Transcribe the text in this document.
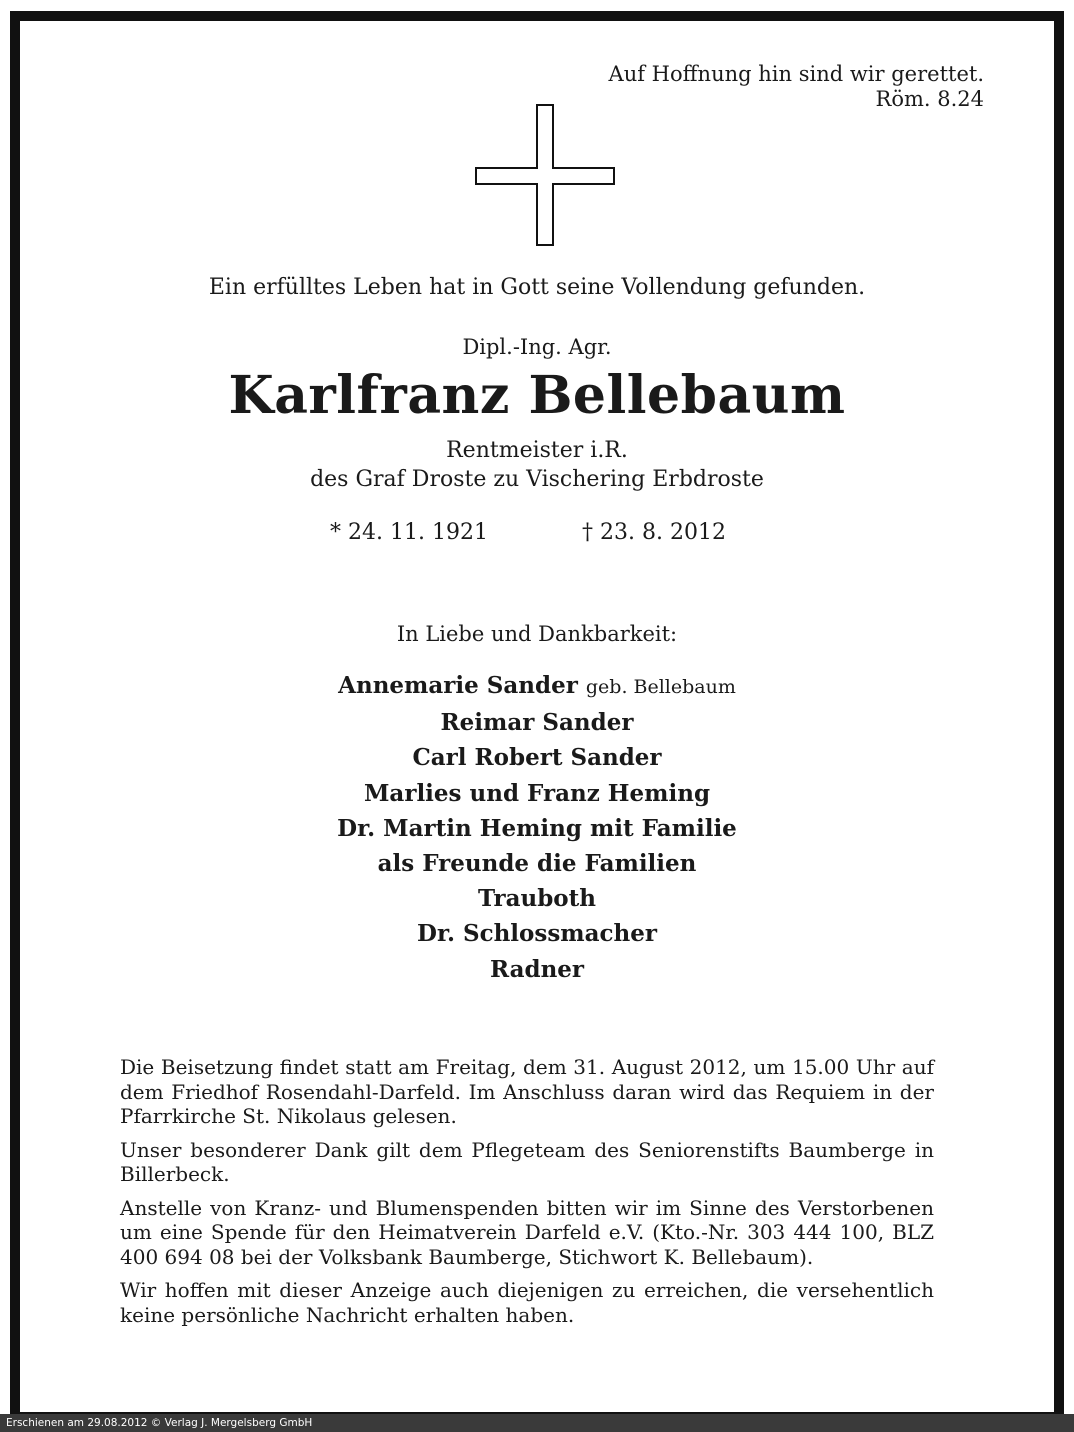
Auf Hoffnung hin sind wir gerettet.
Röm. 8.24
Ein erfülltes Leben hat in Gott seine Vollendung gefunden.
Dipl.-Ing. Agr.
Karlfranz Bellebaum
Rentmeister i.R.
des Graf Droste zu Vischering Erbdroste
* 24. 11. 1921	† 23. 8. 2012
In Liebe und Dankbarkeit:
Annemarie Sander geb. Bellebaum
Reimar Sander
Carl Robert Sander
Marlies und Franz Heming
Dr. Martin Heming mit Familie
als Freunde die Familien
Trauboth
Dr. Schlossmacher
Radner

Die Beisetzung findet statt am Freitag, dem 31. August 2012, um 15.00 Uhr auf dem Friedhof Rosendahl-Darfeld. Im Anschluss daran wird das Requiem in der Pfarrkirche St. Nikolaus gelesen.

Unser besonderer Dank gilt dem Pflegeteam des Seniorenstifts Baumberge in Billerbeck.

Anstelle von Kranz- und Blumenspenden bitten wir im Sinne des Verstorbenen um eine Spende für den Heimatverein Darfeld e.V. (Kto.-Nr. 303 444 100, BLZ 400 694 08 bei der Volksbank Baumberge, Stichwort K. Bellebaum).

Wir hoffen mit dieser Anzeige auch diejenigen zu erreichen, die versehentlich keine persönliche Nachricht erhalten haben.

Erschienen am 29.08.2012 © Verlag J. Mergelsberg GmbH
